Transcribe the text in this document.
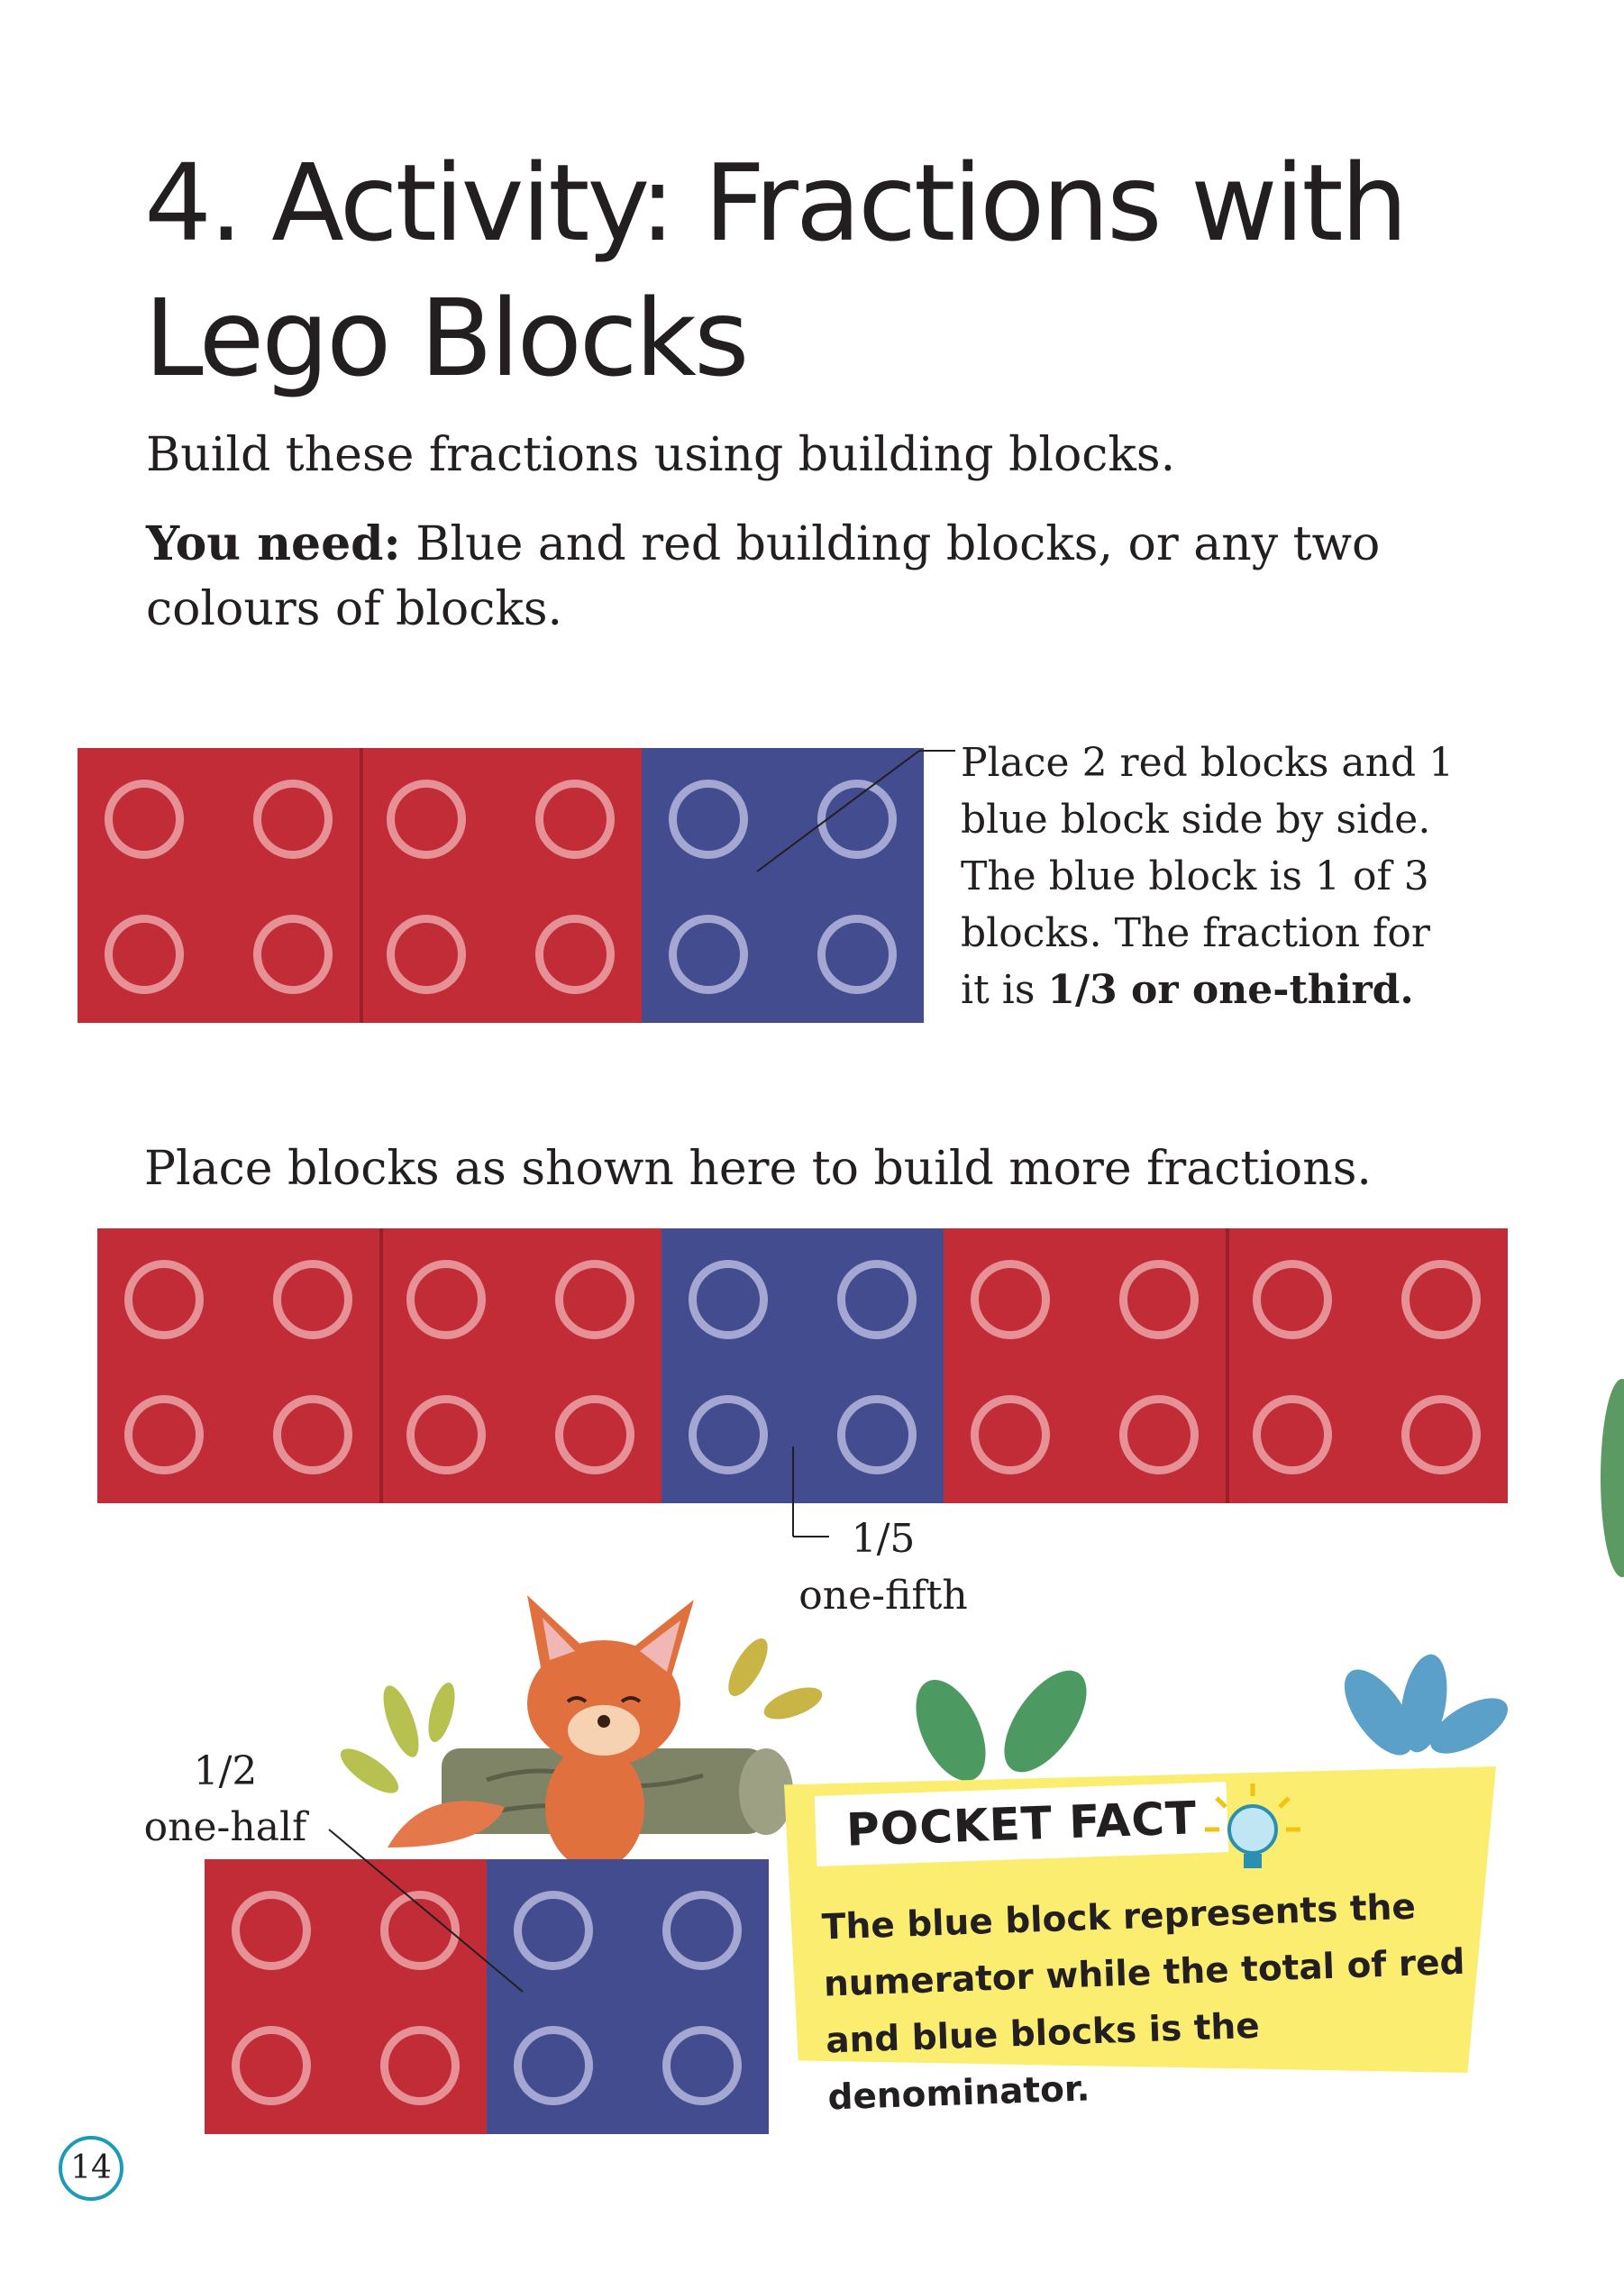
4. Activity: Fractions with Lego Blocks
Build these fractions using building blocks.
You need: Blue and red building blocks, or any two colours of blocks.
Place 2 red blocks and 1 blue block side by side. The blue block is 1 of 3 blocks. The fraction for it is 1/3 or one-third.
Place blocks as shown here to build more fractions.
1/5
one-fifth
1/2
one-half	POCKET FACT
The blue block represents the numerator while the total of red and blue blocks is the denominator.
14
